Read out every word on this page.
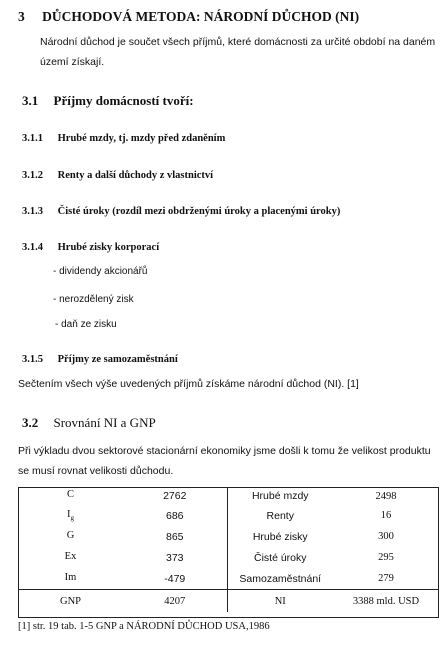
3 DŮCHODOVÁ METODA: NÁRODNÍ DŮCHOD (NI)
Národní důchod je součet všech příjmů, které domácnosti za určité období na daném
území získají.
3.1 Příjmy domácností tvoří:
3.1.1 Hrubé mzdy, tj. mzdy před zdaněním
3.1.2 Renty a další důchody z vlastnictví
3.1.3 Čisté úroky (rozdíl mezi obdrženými úroky a placenými úroky)
3.1.4 Hrubé zisky korporací
- dividendy akcionářů
- nerozdělený zisk
- daň ze zisku
3.1.5 Příjmy ze samozaměstnání
Sečtením všech výše uvedených příjmů získáme národní důchod (NI). [1]
3.2 Srovnání NI a GNP
Při výkladu dvou sektorové stacionární ekonomiky jsme došli k tomu že velikost produktu
se musí rovnat velikosti důchodu.
C	2762	Hrubé mzdy	2498
$I_g$	686	Renty	16
G	865	Hrubé zisky	300
Ex	373	Čisté úroky	295
Im	-479	Samozaměstnání	279
GNP	4207	NI	3388 mld. USD
[1] str. 19 tab. 1-5 GNP a NÁRODNÍ DŮCHOD USA,1986
